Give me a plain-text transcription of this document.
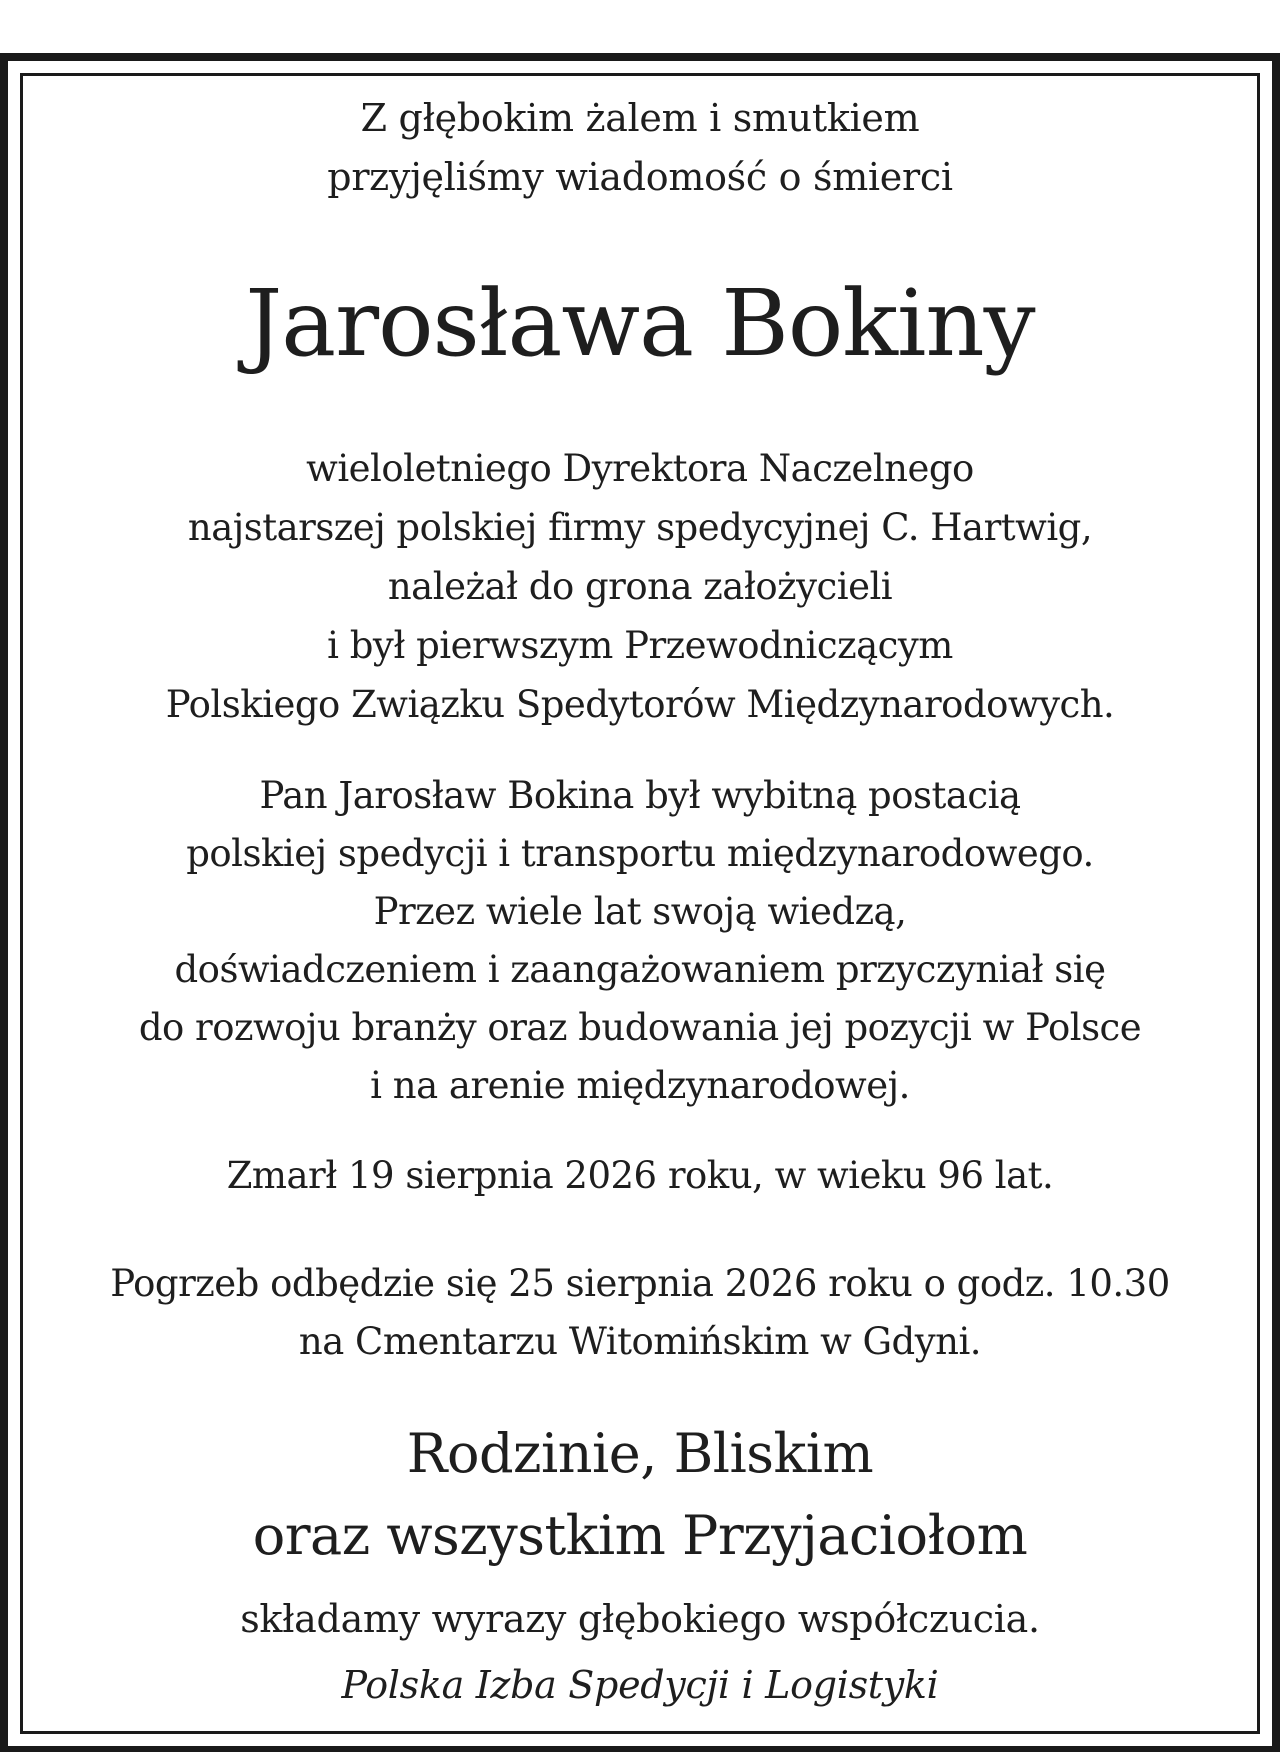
Z głębokim żalem i smutkiem
przyjęliśmy wiadomość o śmierci
Jarosława Bokiny
wieloletniego Dyrektora Naczelnego
najstarszej polskiej firmy spedycyjnej C. Hartwig,
należał do grona założycieli
i był pierwszym Przewodniczącym
Polskiego Związku Spedytorów Międzynarodowych.
Pan Jarosław Bokina był wybitną postacią
polskiej spedycji i transportu międzynarodowego.
Przez wiele lat swoją wiedzą,
doświadczeniem i zaangażowaniem przyczyniał się
do rozwoju branży oraz budowania jej pozycji w Polsce
i na arenie międzynarodowej.
Zmarł 19 sierpnia 2026 roku, w wieku 96 lat.
Pogrzeb odbędzie się 25 sierpnia 2026 roku o godz. 10.30
na Cmentarzu Witomińskim w Gdyni.
Rodzinie, Bliskim
oraz wszystkim Przyjaciołom
składamy wyrazy głębokiego współczucia.
Polska Izba Spedycji i Logistyki
